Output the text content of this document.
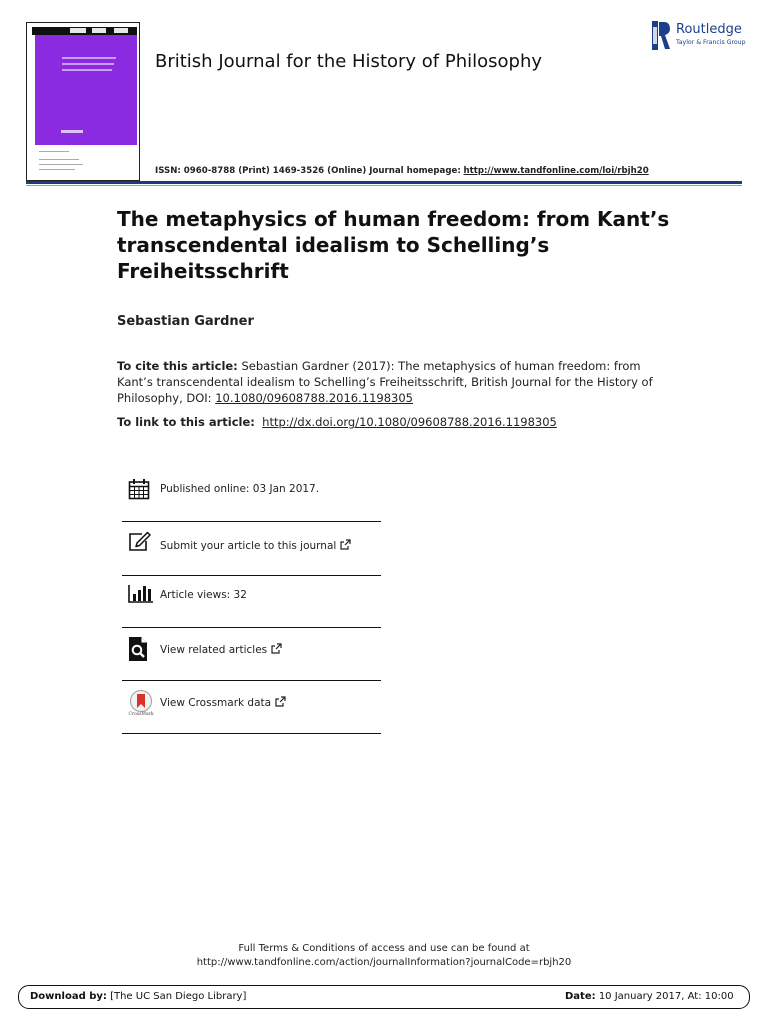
British Journal for the History of Philosophy
ISSN: 0960-8788 (Print) 1469-3526 (Online) Journal homepage: http://www.tandfonline.com/loi/rbjh20
Routledge
Taylor & Francis Group
The metaphysics of human freedom: from Kant’s transcendental idealism to Schelling’s Freiheitsschrift
Sebastian Gardner
To cite this article: Sebastian Gardner (2017): The metaphysics of human freedom: from Kant’s transcendental idealism to Schelling’s Freiheitsschrift, British Journal for the History of Philosophy, DOI: 10.1080/09608788.2016.1198305
To link to this article: http://dx.doi.org/10.1080/09608788.2016.1198305
Published online: 03 Jan 2017.
Submit your article to this journal
Article views: 32
View related articles
CrossMark
View Crossmark data
Full Terms & Conditions of access and use can be found at
http://www.tandfonline.com/action/journalInformation?journalCode=rbjh20
Download by: [The UC San Diego Library]	Date: 10 January 2017, At: 10:00
